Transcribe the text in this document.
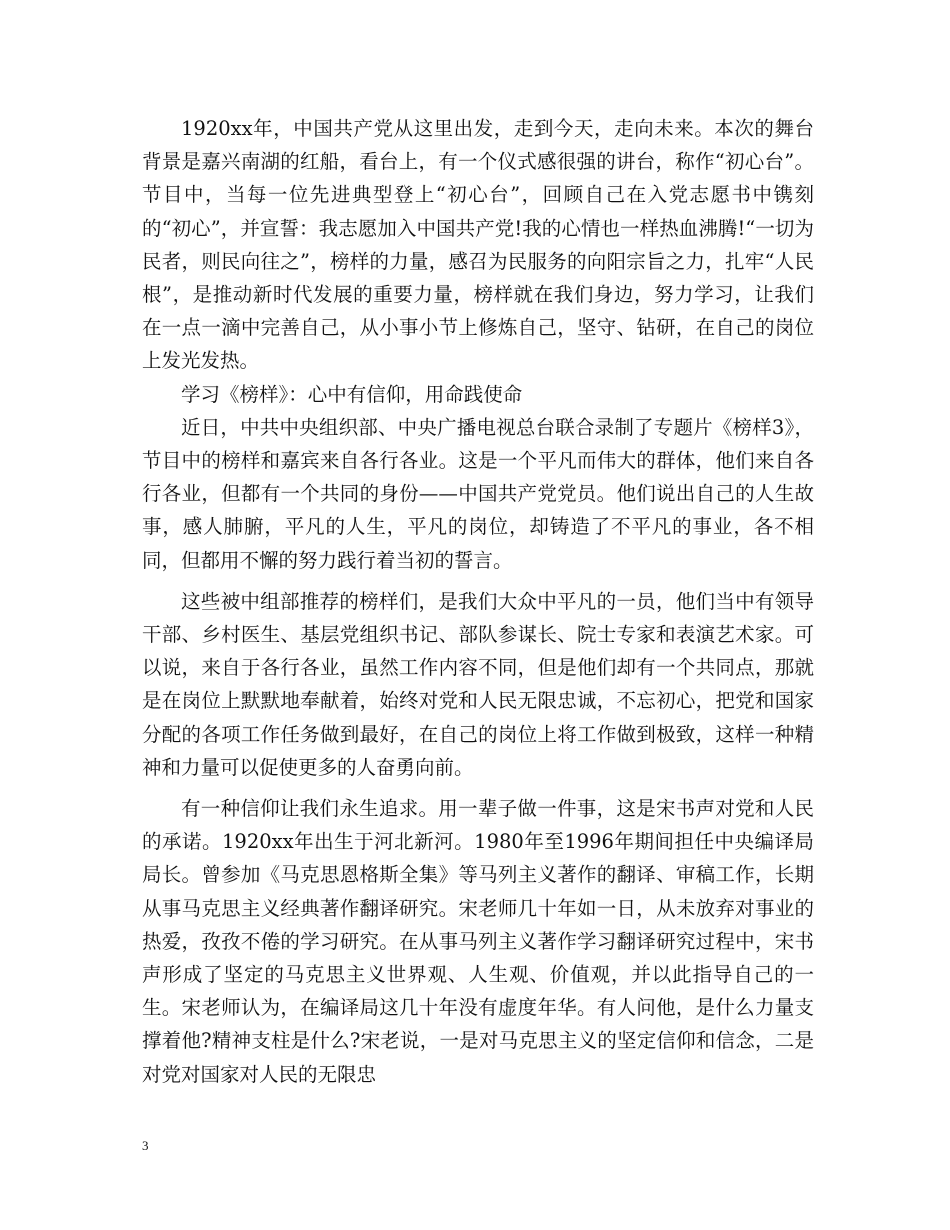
1920xx年，中国共产党从这里出发，走到今天，走向未来。本次的舞台背景是嘉兴南湖的红船，看台上，有一个仪式感很强的讲台，称作“初心台”。节目中，当每一位先进典型登上“初心台”，回顾自己在入党志愿书中镌刻的“初心”，并宣誓：我志愿加入中国共产党!我的心情也一样热血沸腾!“一切为民者，则民向往之”，榜样的力量，感召为民服务的向阳宗旨之力，扎牢“人民根”，是推动新时代发展的重要力量，榜样就在我们身边，努力学习，让我们在一点一滴中完善自己，从小事小节上修炼自己，坚守、钻研，在自己的岗位上发光发热。

学习《榜样》：心中有信仰，用命践使命

近日，中共中央组织部、中央广播电视总台联合录制了专题片《榜样3》，节目中的榜样和嘉宾来自各行各业。这是一个平凡而伟大的群体，他们来自各行各业，但都有一个共同的身份——中国共产党党员。他们说出自己的人生故事，感人肺腑，平凡的人生，平凡的岗位，却铸造了不平凡的事业，各不相同，但都用不懈的努力践行着当初的誓言。

这些被中组部推荐的榜样们，是我们大众中平凡的一员，他们当中有领导干部、乡村医生、基层党组织书记、部队参谋长、院士专家和表演艺术家。可以说，来自于各行各业，虽然工作内容不同，但是他们却有一个共同点，那就是在岗位上默默地奉献着，始终对党和人民无限忠诚，不忘初心，把党和国家分配的各项工作任务做到最好，在自己的岗位上将工作做到极致，这样一种精神和力量可以促使更多的人奋勇向前。

有一种信仰让我们永生追求。用一辈子做一件事，这是宋书声对党和人民的承诺。1920xx年出生于河北新河。1980年至1996年期间担任中央编译局局长。曾参加《马克思恩格斯全集》等马列主义著作的翻译、审稿工作，长期从事马克思主义经典著作翻译研究。宋老师几十年如一日，从未放弃对事业的热爱，孜孜不倦的学习研究。在从事马列主义著作学习翻译研究过程中，宋书声形成了坚定的马克思主义世界观、人生观、价值观，并以此指导自己的一生。宋老师认为，在编译局这几十年没有虚度年华。有人问他，是什么力量支撑着他?精神支柱是什么?宋老说，一是对马克思主义的坚定信仰和信念，二是对党对国家对人民的无限忠

3
